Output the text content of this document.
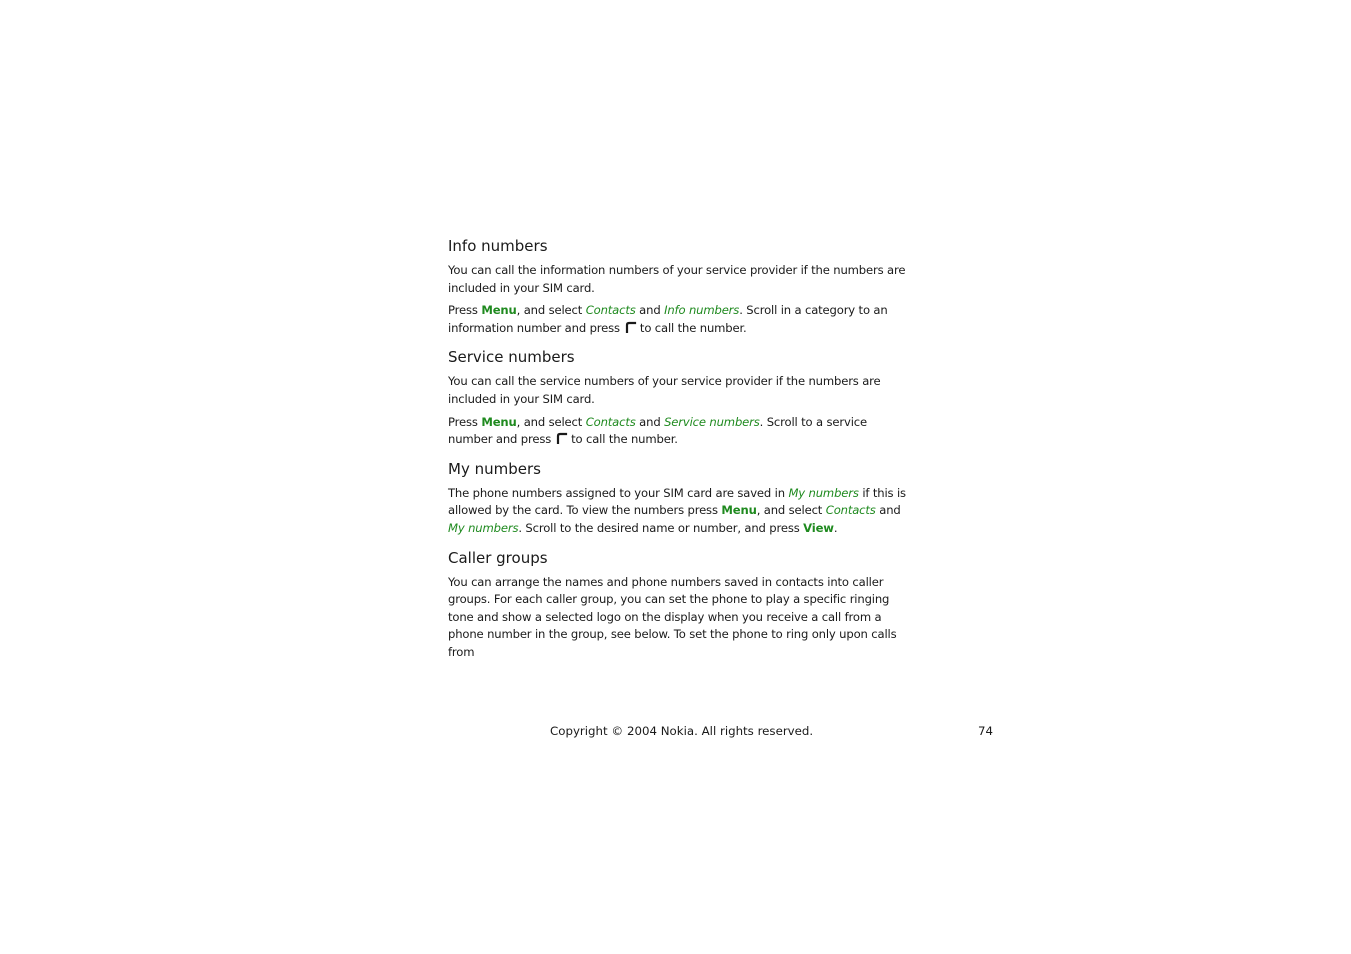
Info numbers

You can call the information numbers of your service provider if the numbers are included in your SIM card.

Press Menu, and select Contacts and Info numbers. Scroll in a category to an information number and press to call the number.

Service numbers

You can call the service numbers of your service provider if the numbers are included in your SIM card.

Press Menu, and select Contacts and Service numbers. Scroll to a service number and press to call the number.

My numbers

The phone numbers assigned to your SIM card are saved in My numbers if this is allowed by the card. To view the numbers press Menu, and select Contacts and My numbers. Scroll to the desired name or number, and press View.

Caller groups

You can arrange the names and phone numbers saved in contacts into caller groups. For each caller group, you can set the phone to play a specific ringing tone and show a selected logo on the display when you receive a call from a phone number in the group, see below. To set the phone to ring only upon calls from

Copyright © 2004 Nokia. All rights reserved.	74
